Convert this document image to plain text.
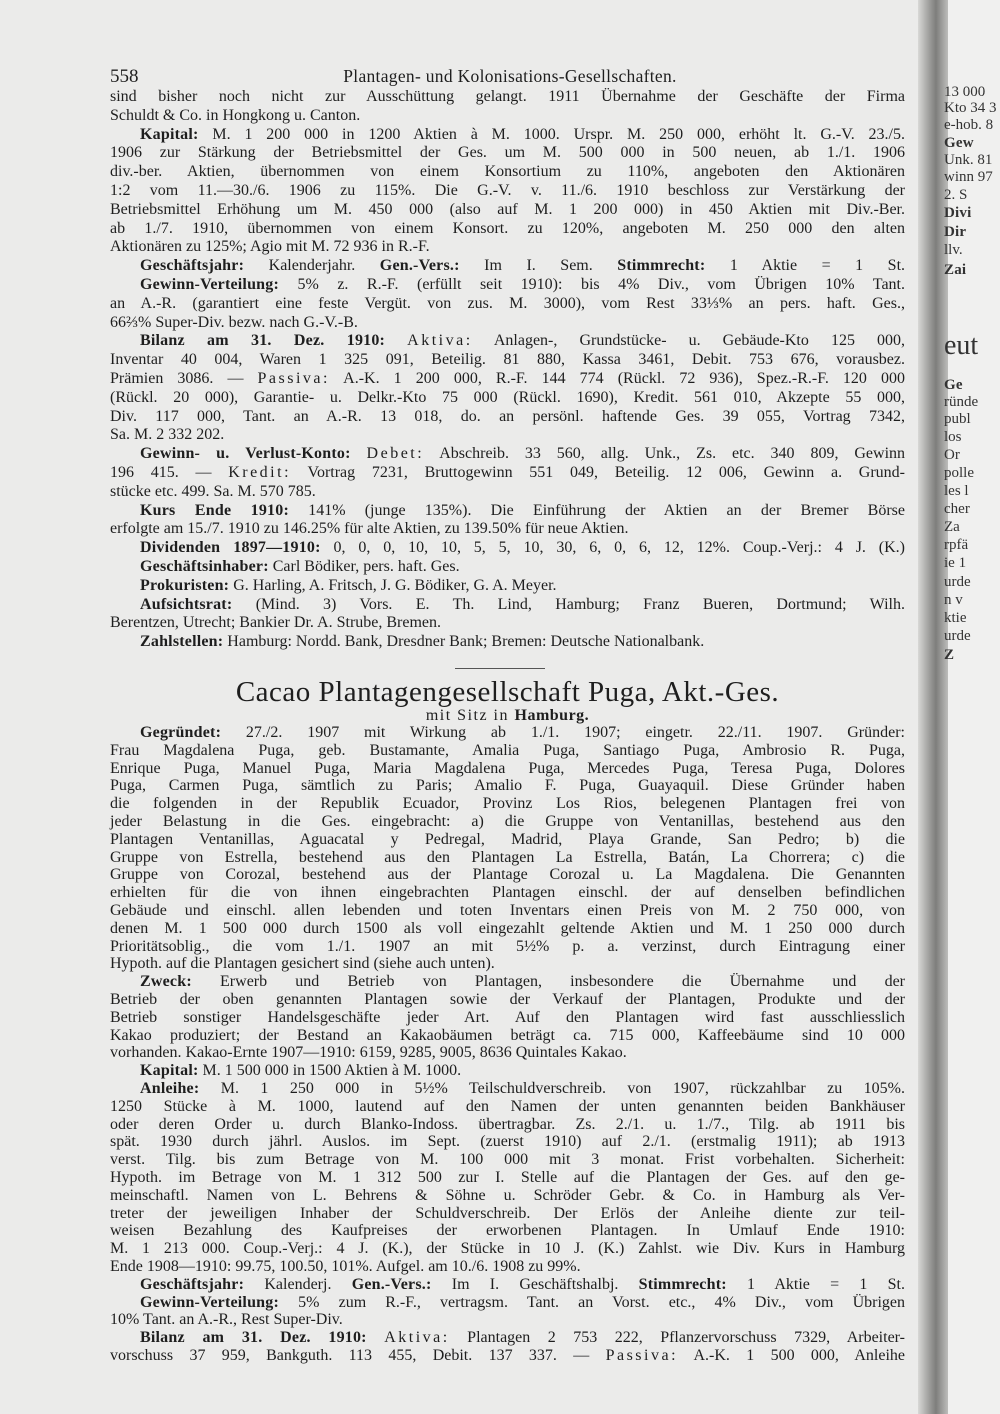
558	Plantagen- und Kolonisations-Gesellschaften.
sind bisher noch nicht zur Ausschüttung gelangt. 1911 Übernahme der Geschäfte der Firma
Schuldt & Co. in Hongkong u. Canton.
Kapital: M. 1 200 000 in 1200 Aktien à M. 1000. Urspr. M. 250 000, erhöht lt. G.-V. 23./5.
1906 zur Stärkung der Betriebsmittel der Ges. um M. 500 000 in 500 neuen, ab 1./1. 1906
div.-ber. Aktien, übernommen von einem Konsortium zu 110%, angeboten den Aktionären
1:2 vom 11.—30./6. 1906 zu 115%. Die G.-V. v. 11./6. 1910 beschloss zur Verstärkung der
Betriebsmittel Erhöhung um M. 450 000 (also auf M. 1 200 000) in 450 Aktien mit Div.-Ber.
ab 1./7. 1910, übernommen von einem Konsort. zu 120%, angeboten M. 250 000 den alten
Aktionären zu 125%; Agio mit M. 72 936 in R.-F.
Geschäftsjahr: Kalenderjahr. Gen.-Vers.: Im I. Sem. Stimmrecht: 1 Aktie = 1 St.
Gewinn-Verteilung: 5% z. R.-F. (erfüllt seit 1910): bis 4% Div., vom Übrigen 10% Tant.
an A.-R. (garantiert eine feste Vergüt. von zus. M. 3000), vom Rest 33⅓% an pers. haft. Ges.,
66⅔% Super-Div. bezw. nach G.-V.-B.
Bilanz am 31. Dez. 1910: Aktiva: Anlagen-, Grundstücke- u. Gebäude-Kto 125 000,
Inventar 40 004, Waren 1 325 091, Beteilig. 81 880, Kassa 3461, Debit. 753 676, vorausbez.
Prämien 3086. — Passiva: A.-K. 1 200 000, R.-F. 144 774 (Rückl. 72 936), Spez.-R.-F. 120 000
(Rückl. 20 000), Garantie- u. Delkr.-Kto 75 000 (Rückl. 1690), Kredit. 561 010, Akzepte 55 000,
Div. 117 000, Tant. an A.-R. 13 018, do. an persönl. haftende Ges. 39 055, Vortrag 7342,
Sa. M. 2 332 202.
Gewinn- u. Verlust-Konto: Debet: Abschreib. 33 560, allg. Unk., Zs. etc. 340 809, Gewinn
196 415. — Kredit: Vortrag 7231, Bruttogewinn 551 049, Beteilig. 12 006, Gewinn a. Grund-
stücke etc. 499. Sa. M. 570 785.
Kurs Ende 1910: 141% (junge 135%). Die Einführung der Aktien an der Bremer Börse
erfolgte am 15./7. 1910 zu 146.25% für alte Aktien, zu 139.50% für neue Aktien.
Dividenden 1897—1910: 0, 0, 0, 10, 10, 5, 5, 10, 30, 6, 0, 6, 12, 12%. Coup.-Verj.: 4 J. (K.)
Geschäftsinhaber: Carl Bödiker, pers. haft. Ges.
Prokuristen: G. Harling, A. Fritsch, J. G. Bödiker, G. A. Meyer.
Aufsichtsrat: (Mind. 3) Vors. E. Th. Lind, Hamburg; Franz Bueren, Dortmund; Wilh.
Berentzen, Utrecht; Bankier Dr. A. Strube, Bremen.
Zahlstellen: Hamburg: Nordd. Bank, Dresdner Bank; Bremen: Deutsche Nationalbank.
Cacao Plantagengesellschaft Puga, Akt.-Ges.
mit Sitz in Hamburg.
Gegründet: 27./2. 1907 mit Wirkung ab 1./1. 1907; eingetr. 22./11. 1907. Gründer:
Frau Magdalena Puga, geb. Bustamante, Amalia Puga, Santiago Puga, Ambrosio R. Puga,
Enrique Puga, Manuel Puga, Maria Magdalena Puga, Mercedes Puga, Teresa Puga, Dolores
Puga, Carmen Puga, sämtlich zu Paris; Amalio F. Puga, Guayaquil. Diese Gründer haben
die folgenden in der Republik Ecuador, Provinz Los Rios, belegenen Plantagen frei von
jeder Belastung in die Ges. eingebracht: a) die Gruppe von Ventanillas, bestehend aus den
Plantagen Ventanillas, Aguacatal y Pedregal, Madrid, Playa Grande, San Pedro; b) die
Gruppe von Estrella, bestehend aus den Plantagen La Estrella, Batán, La Chorrera; c) die
Gruppe von Corozal, bestehend aus der Plantage Corozal u. La Magdalena. Die Genannten
erhielten für die von ihnen eingebrachten Plantagen einschl. der auf denselben befindlichen
Gebäude und einschl. allen lebenden und toten Inventars einen Preis von M. 2 750 000, von
denen M. 1 500 000 durch 1500 als voll eingezahlt geltende Aktien und M. 1 250 000 durch
Prioritätsoblig., die vom 1./1. 1907 an mit 5½% p. a. verzinst, durch Eintragung einer
Hypoth. auf die Plantagen gesichert sind (siehe auch unten).
Zweck: Erwerb und Betrieb von Plantagen, insbesondere die Übernahme und der
Betrieb der oben genannten Plantagen sowie der Verkauf der Plantagen, Produkte und der
Betrieb sonstiger Handelsgeschäfte jeder Art. Auf den Plantagen wird fast ausschliesslich
Kakao produziert; der Bestand an Kakaobäumen beträgt ca. 715 000, Kaffeebäume sind 10 000
vorhanden. Kakao-Ernte 1907—1910: 6159, 9285, 9005, 8636 Quintales Kakao.
Kapital: M. 1 500 000 in 1500 Aktien à M. 1000.
Anleihe: M. 1 250 000 in 5½% Teilschuldverschreib. von 1907, rückzahlbar zu 105%.
1250 Stücke à M. 1000, lautend auf den Namen der unten genannten beiden Bankhäuser
oder deren Order u. durch Blanko-Indoss. übertragbar. Zs. 2./1. u. 1./7., Tilg. ab 1911 bis
spät. 1930 durch jährl. Auslos. im Sept. (zuerst 1910) auf 2./1. (erstmalig 1911); ab 1913
verst. Tilg. bis zum Betrage von M. 100 000 mit 3 monat. Frist vorbehalten. Sicherheit:
Hypoth. im Betrage von M. 1 312 500 zur I. Stelle auf die Plantagen der Ges. auf den ge-
meinschaftl. Namen von L. Behrens & Söhne u. Schröder Gebr. & Co. in Hamburg als Ver-
treter der jeweiligen Inhaber der Schuldverschreib. Der Erlös der Anleihe diente zur teil-
weisen Bezahlung des Kaufpreises der erworbenen Plantagen. In Umlauf Ende 1910:
M. 1 213 000. Coup.-Verj.: 4 J. (K.), der Stücke in 10 J. (K.) Zahlst. wie Div. Kurs in Hamburg
Ende 1908—1910: 99.75, 100.50, 101%. Aufgel. am 10./6. 1908 zu 99%.
Geschäftsjahr: Kalenderj. Gen.-Vers.: Im I. Geschäftshalbj. Stimmrecht: 1 Aktie = 1 St.
Gewinn-Verteilung: 5% zum R.-F., vertragsm. Tant. an Vorst. etc., 4% Div., vom Übrigen
10% Tant. an A.-R., Rest Super-Div.
Bilanz am 31. Dez. 1910: Aktiva: Plantagen 2 753 222, Pflanzervorschuss 7329, Arbeiter-
vorschuss 37 959, Bankguth. 113 455, Debit. 137 337. — Passiva: A.-K. 1 500 000, Anleihe
13 000
Kto 34 3
e-hob. 8
Gew
Unk. 81
winn 97
2. S
Divi
Dir
llv.
Zai
eut
Ge
ründe
publ
los
Or
polle
les l
cher
Za
rpfä
ie 1
urde
n v
ktie
urde
Z
